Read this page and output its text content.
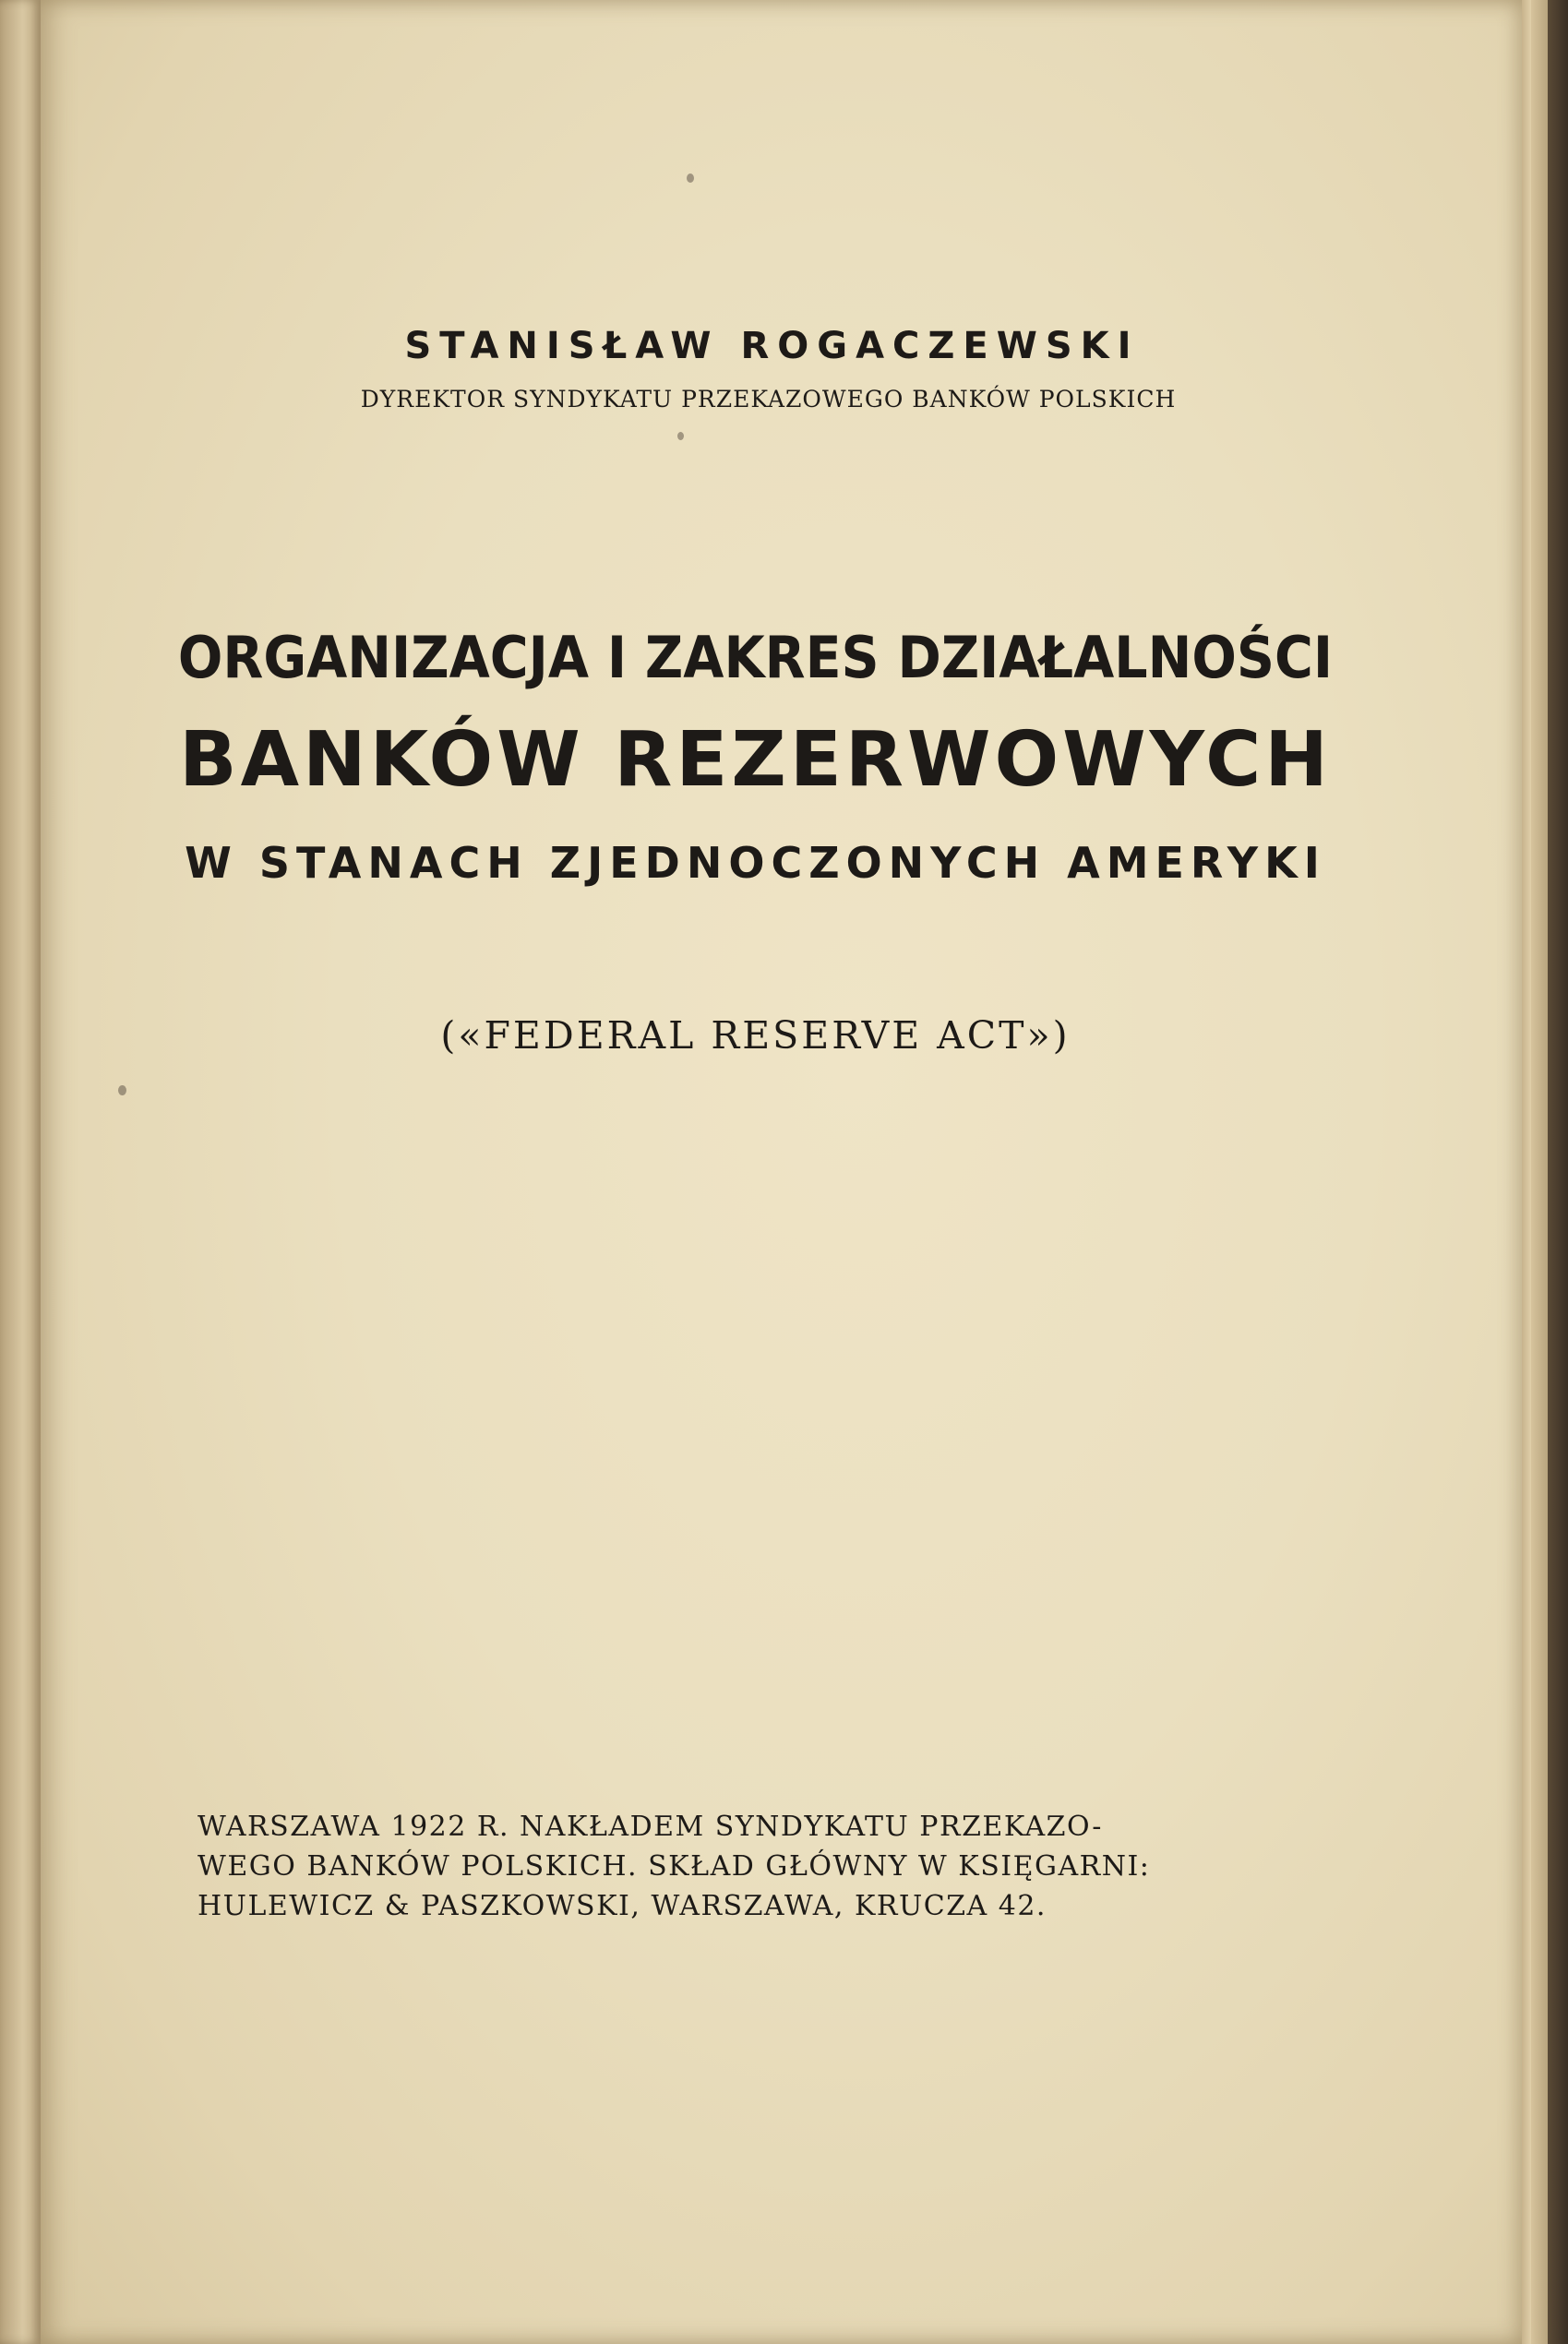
STANISŁAW ROGACZEWSKI
DYREKTOR SYNDYKATU PRZEKAZOWEGO BANKÓW POLSKICH
ORGANIZACJA I ZAKRES DZIAŁALNOŚCI
BANKÓW REZERWOWYCH
W STANACH ZJEDNOCZONYCH AMERYKI
(«FEDERAL RESERVE ACT»)
WARSZAWA 1922 R. NAKŁADEM SYNDYKATU PRZEKAZO-
WEGO BANKÓW POLSKICH. SKŁAD GŁÓWNY W KSIĘGARNI:
HULEWICZ & PASZKOWSKI, WARSZAWA, KRUCZA 42.
